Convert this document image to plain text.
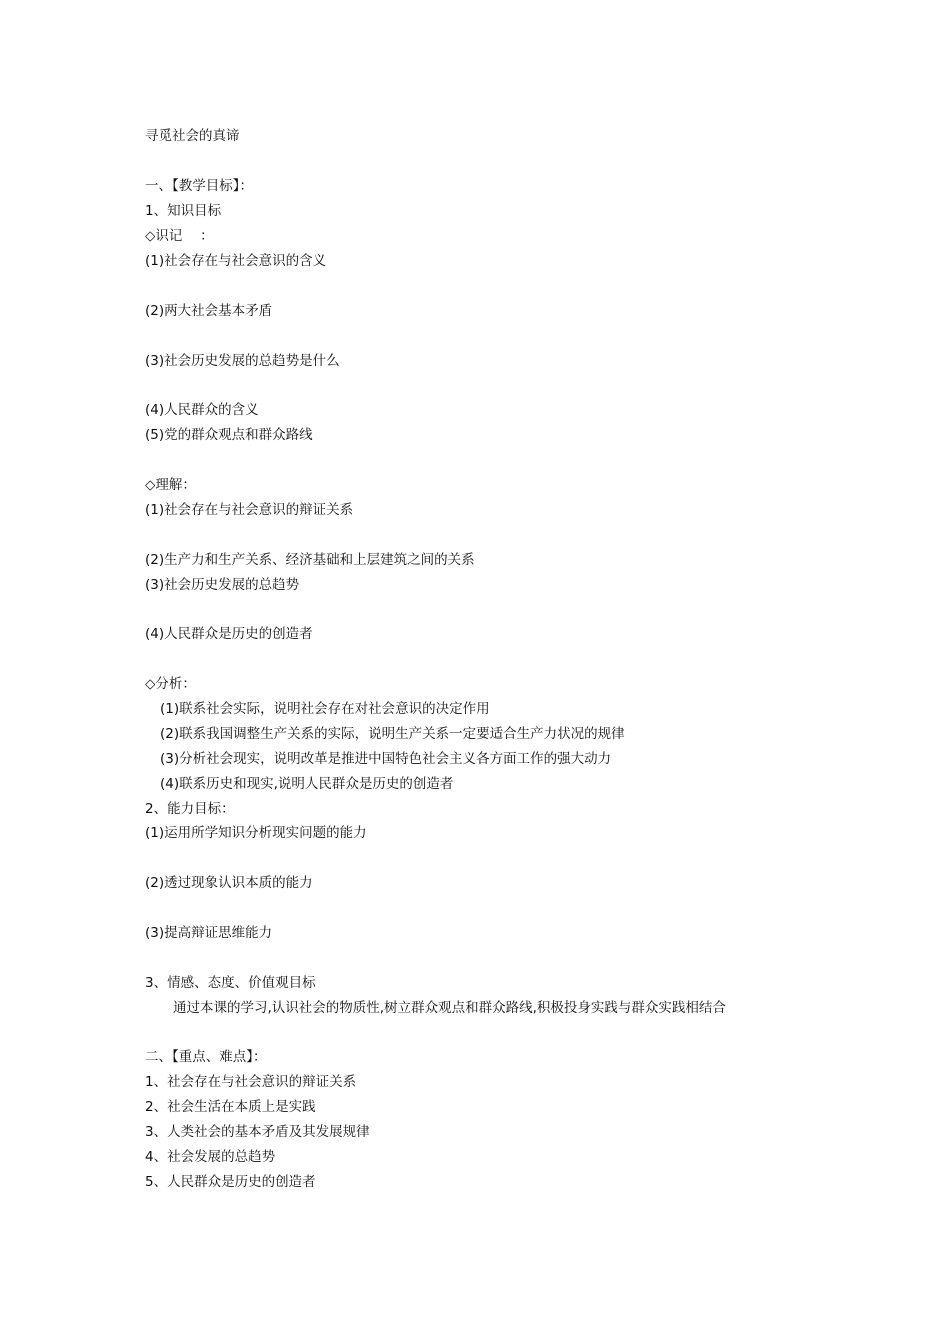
寻觅社会的真谛
一、【教学目标】：
1、知识目标
◇识记　 ：
(1)社会存在与社会意识的含义
(2)两大社会基本矛盾
(3)社会历史发展的总趋势是什么
(4)人民群众的含义
(5)党的群众观点和群众路线
◇理解：
(1)社会存在与社会意识的辩证关系
(2)生产力和生产关系、经济基础和上层建筑之间的关系
(3)社会历史发展的总趋势
(4)人民群众是历史的创造者
◇分析：
(1)联系社会实际，说明社会存在对社会意识的决定作用
(2)联系我国调整生产关系的实际，说明生产关系一定要适合生产力状况的规律
(3)分析社会现实，说明改革是推进中国特色社会主义各方面工作的强大动力
(4)联系历史和现实,说明人民群众是历史的创造者
2、能力目标：
(1)运用所学知识分析现实问题的能力
(2)透过现象认识本质的能力
(3)提高辩证思维能力
3、情感、态度、价值观目标
通过本课的学习,认识社会的物质性,树立群众观点和群众路线,积极投身实践与群众实践相结合
二、【重点、难点】：
1、社会存在与社会意识的辩证关系
2、社会生活在本质上是实践
3、人类社会的基本矛盾及其发展规律
4、社会发展的总趋势
5、人民群众是历史的创造者
